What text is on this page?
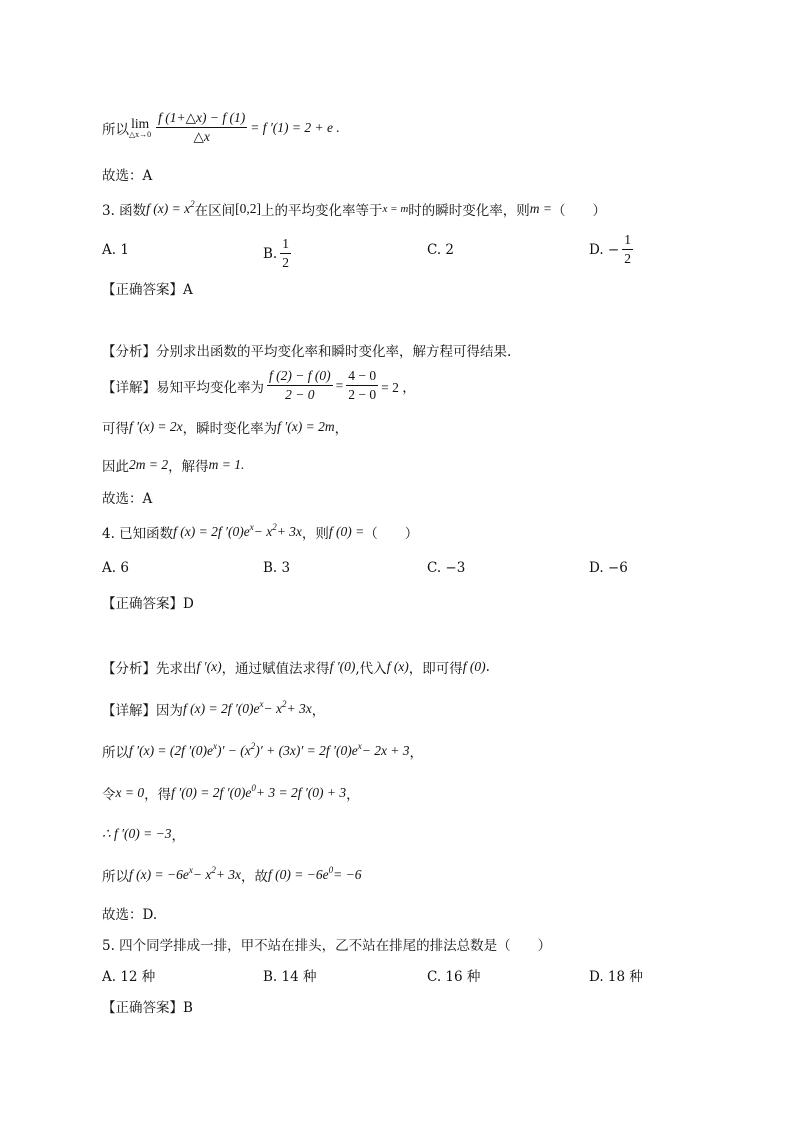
所以 lim
△x→0 $\frac{f (1+\triangle x) - f (1)}{\triangle x} = f$ ′(1) = 2 + e .
故选：A
3. 函数 f (x) = x 2 在区间 [0,2] 上的平均变化率等于 x = m 时的瞬时变化率，则 m = （　　）
A. 1	B. $\frac{1}{2}$	C. 2	D. − $\frac{1}{2}$
【正确答案】A
【分析】分别求出函数的平均变化率和瞬时变化率，解方程可得结果.
【详解】易知平均变化率为 $\frac{f (2) - f (0)}{2 - 0} = \frac{4 - 0}{2 - 0} = 2$ ，
可得 f ′(x) = 2x ，瞬时变化率为 f ′(x) = 2m ，
因此 2m = 2 ，解得 m = 1.
故选：A
4. 已知函数 f (x) = 2f ′(0)e x − x 2 + 3x ，则 f (0) = （　　）
A. 6	B. 3	C. −3	D. −6
【正确答案】D
【分析】先求出 f ′(x) ，通过赋值法求得 f ′(0) ,代入 f (x) ，即可得 f (0) .
【详解】因为 f (x) = 2f ′(0)e x − x 2 + 3x ，
所以 f ′(x) = (2f ′(0)e x )′ − (x 2 )′ + (3x)′ = 2f ′(0)e x − 2x + 3 ，
令 x = 0 ，得 f ′(0) = 2f ′(0)e 0 + 3 = 2f ′(0) + 3 ，
∴ f ′(0) = −3 ，
所以 f (x) = −6e x − x 2 + 3x ，故 f (0) = −6e 0 = −6
故选：D.
5. 四个同学排成一排，甲不站在排头，乙不站在排尾的排法总数是（　　）
A. 12 种	B. 14 种	C. 16 种	D. 18 种
【正确答案】B
